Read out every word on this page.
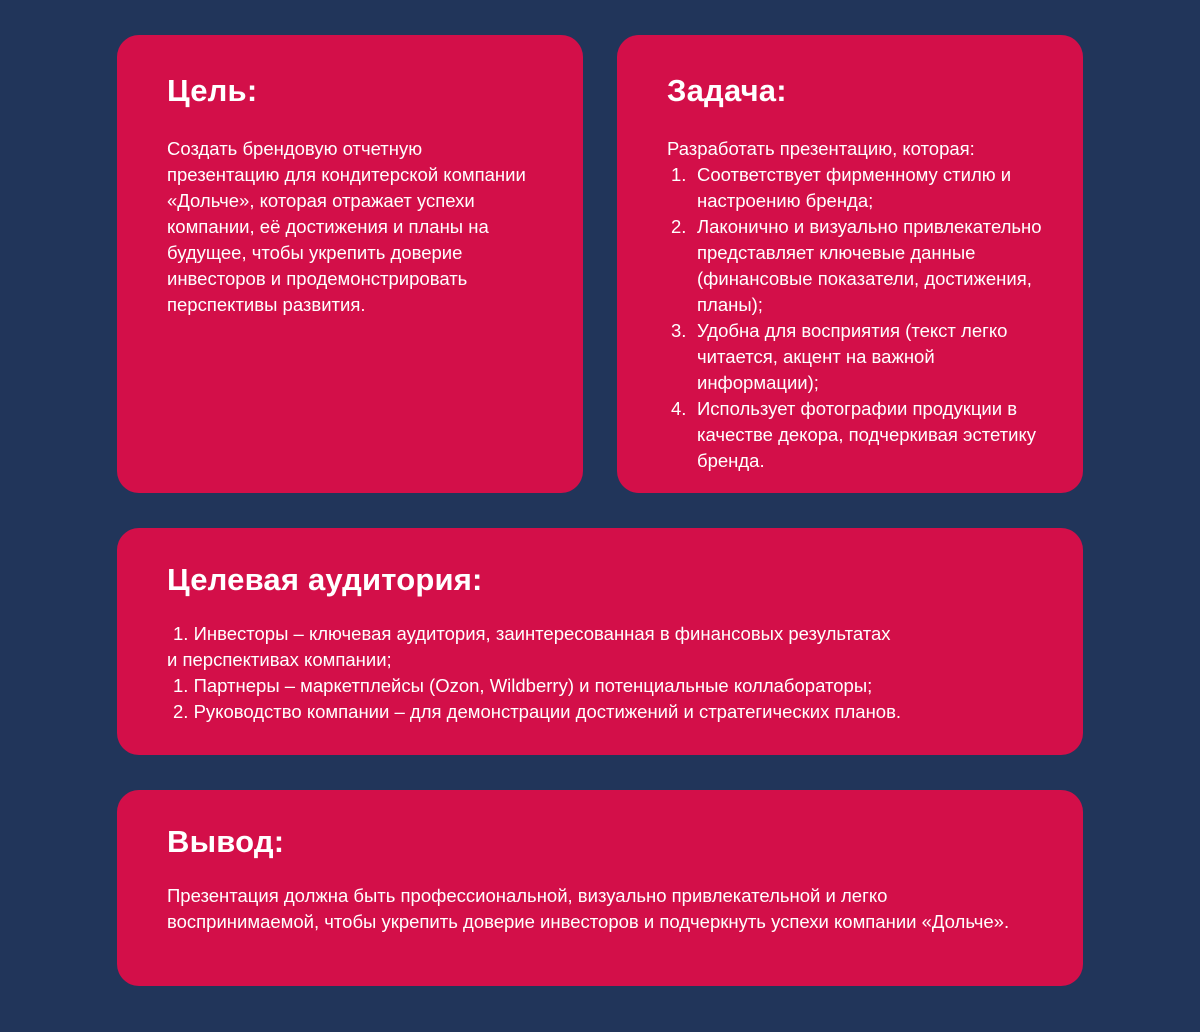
Цель:

Создать брендовую отчетную презентацию для кондитерской компании «Дольче», которая отражает успехи компании, её достижения и планы на будущее, чтобы укрепить доверие инвесторов и продемонстрировать перспективы развития.

Задача:
Разработать презентацию, которая:
1. Соответствует фирменному стилю и настроению бренда;
2. Лаконично и визуально привлекательно представляет ключевые данные (финансовые показатели, достижения, планы);
3. Удобна для восприятия (текст легко читается, акцент на важной информации);
4. Использует фотографии продукции в качестве декора, подчеркивая эстетику бренда.
Целевая аудитория:
1. Инвесторы – ключевая аудитория, заинтересованная в финансовых результатах
и перспективах компании;
1. Партнеры – маркетплейсы (Ozon, Wildberry) и потенциальные коллабораторы;
2. Руководство компании – для демонстрации достижений и стратегических планов.
Вывод:

Презентация должна быть профессиональной, визуально привлекательной и легко воспринимаемой, чтобы укрепить доверие инвесторов и подчеркнуть успехи компании «Дольче».
